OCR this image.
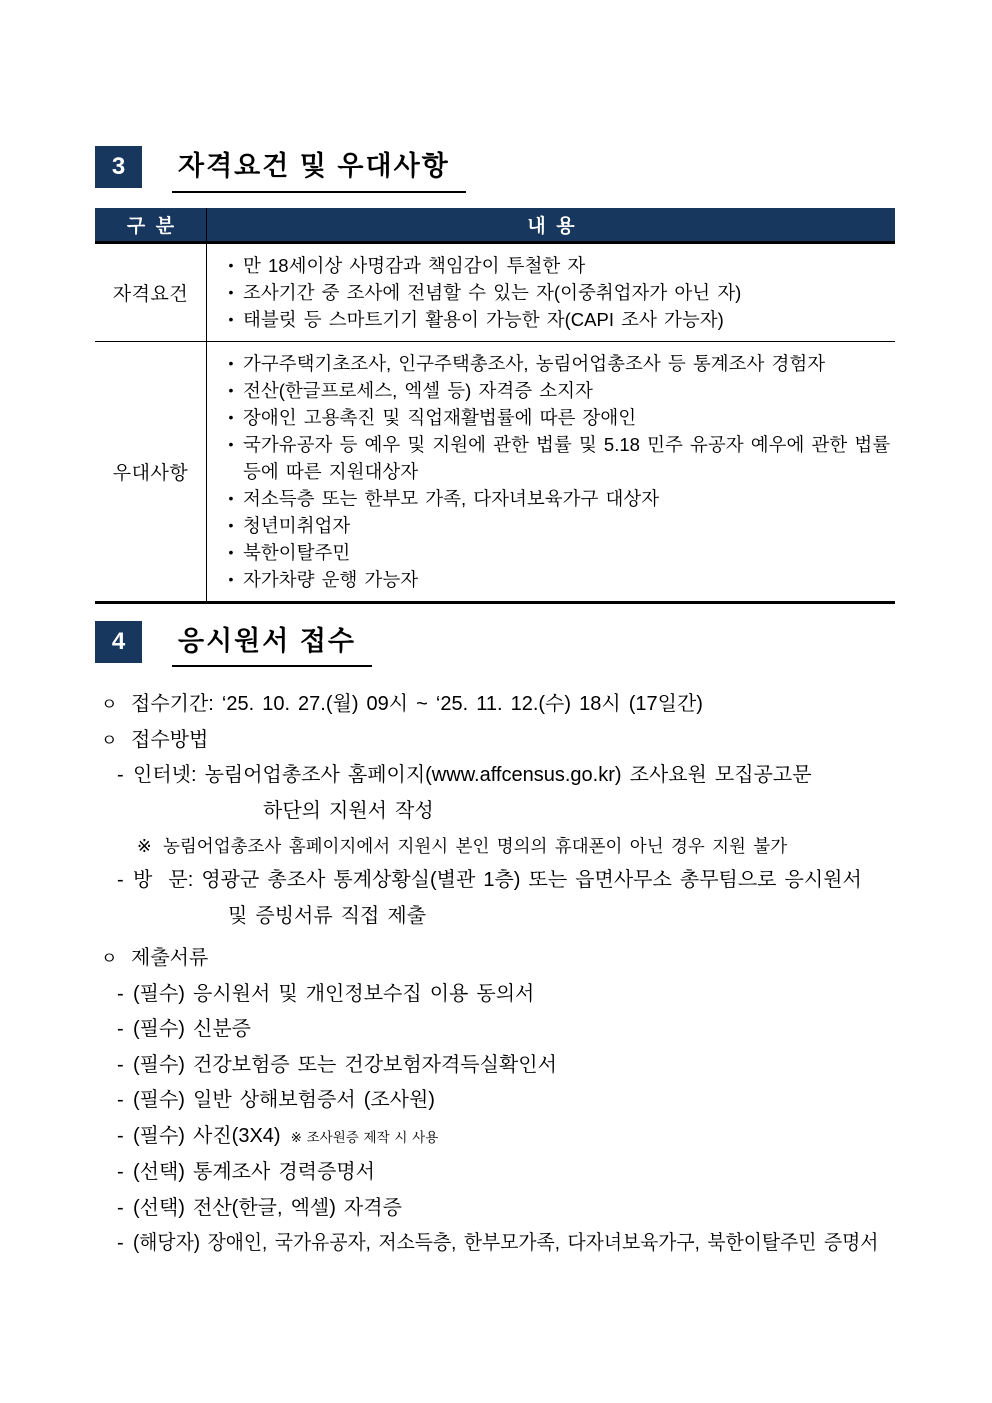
3	자격요건 및 우대사항
구  분	내  용
자격요건
• 만 18세이상 사명감과 책임감이 투철한 자
• 조사기간 중 조사에 전념할 수 있는 자(이중취업자가 아닌 자)
• 태블릿 등 스마트기기 활용이 가능한 자(CAPI 조사 가능자)
우대사항
• 가구주택기초조사, 인구주택총조사, 농림어업총조사 등 통계조사 경험자
• 전산(한글프로세스, 엑셀 등) 자격증 소지자
• 장애인 고용촉진 및 직업재활법률에 따른 장애인
• 국가유공자 등 예우 및 지원에 관한 법률 및 5.18 민주 유공자 예우에 관한 법률
등에 따른 지원대상자
• 저소득층 또는 한부모 가족, 다자녀보육가구 대상자
• 청년미취업자
• 북한이탈주민
• 자가차량 운행 가능자
4	응시원서 접수
ㅇ 접수기간: ‘25. 10. 27.(월) 09시 ~ ‘25. 11. 12.(수) 18시 (17일간)
ㅇ 접수방법
- 인터넷: 농림어업총조사 홈페이지(www.affcensus.go.kr) 조사요원 모집공고문
하단의 지원서 작성
※ 농림어업총조사 홈페이지에서 지원시 본인 명의의 휴대폰이 아닌 경우 지원 불가
- 방  문: 영광군 총조사 통계상황실(별관 1층) 또는 읍면사무소 총무팀으로 응시원서
및 증빙서류 직접 제출
ㅇ 제출서류
- (필수) 응시원서 및 개인정보수집 이용 동의서
- (필수) 신분증
- (필수) 건강보험증 또는 건강보험자격득실확인서
- (필수) 일반 상해보험증서 (조사원)
- (필수) 사진(3X4) ※ 조사원증 제작 시 사용
- (선택) 통계조사 경력증명서
- (선택) 전산(한글, 엑셀) 자격증
- (해당자) 장애인, 국가유공자, 저소득층, 한부모가족, 다자녀보육가구, 북한이탈주민 증명서
